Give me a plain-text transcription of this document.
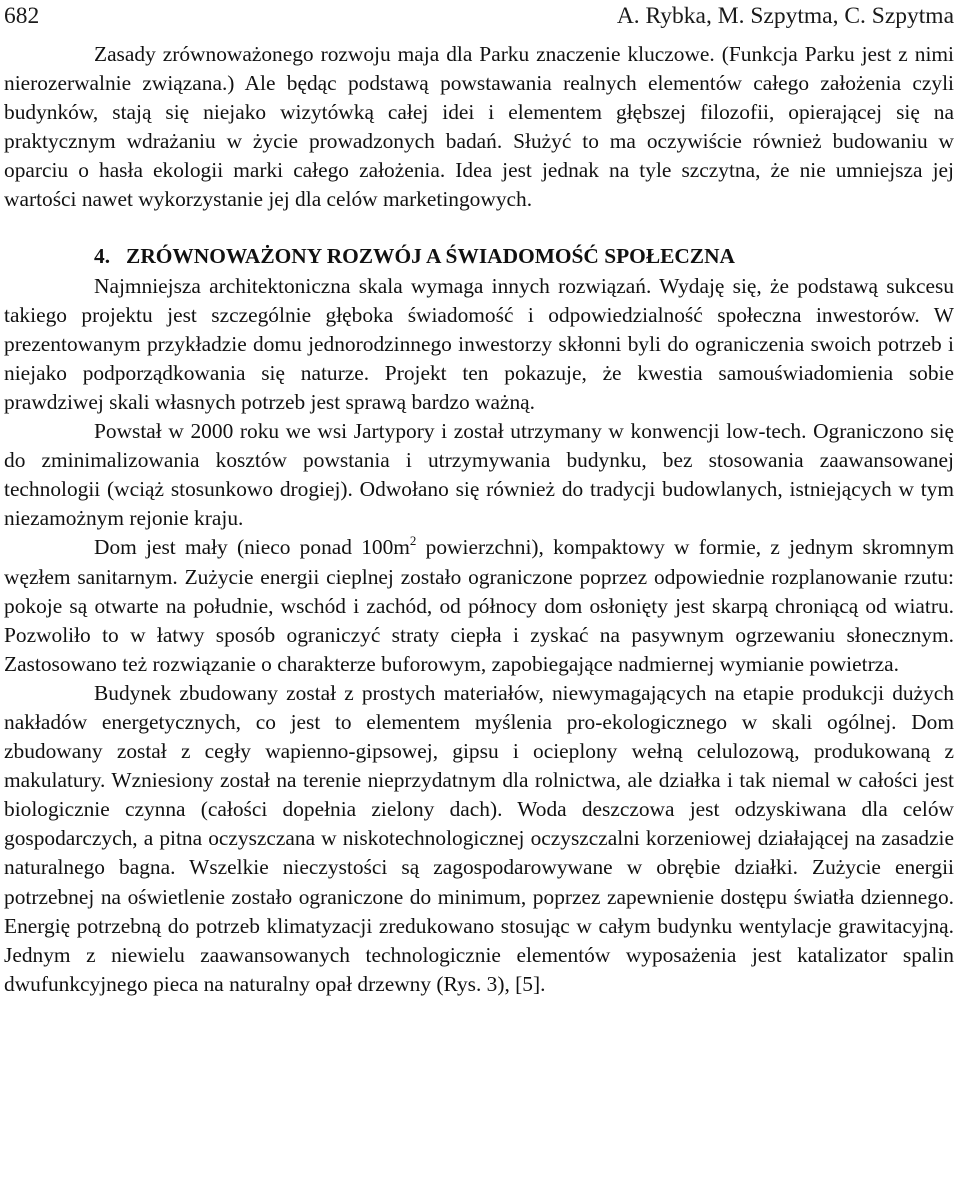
682	A. Rybka, M. Szpytma, C. Szpytma

Zasady zrównoważonego rozwoju maja dla Parku znaczenie kluczowe. (Funkcja Parku jest z nimi nierozerwalnie związana.) Ale będąc podstawą powstawania realnych elementów całego założenia czyli budynków, stają się niejako wizytówką całej idei i elementem głębszej filozofii, opierającej się na praktycznym wdrażaniu w życie prowadzonych badań. Służyć to ma oczywiście również budowaniu w oparciu o hasła ekologii marki całego założenia. Idea jest jednak na tyle szczytna, że nie umniejsza jej wartości nawet wykorzystanie jej dla celów marketingowych.

4. ZRÓWNOWAŻONY ROZWÓJ A ŚWIADOMOŚĆ SPOŁECZNA

Najmniejsza architektoniczna skala wymaga innych rozwiązań. Wydaję się, że podstawą sukcesu takiego projektu jest szczególnie głęboka świadomość i odpowiedzialność społeczna inwestorów. W prezentowanym przykładzie domu jednorodzinnego inwestorzy skłonni byli do ograniczenia swoich potrzeb i niejako podporządkowania się naturze. Projekt ten pokazuje, że kwestia samouświadomienia sobie prawdziwej skali własnych potrzeb jest sprawą bardzo ważną.

Powstał w 2000 roku we wsi Jartypory i został utrzymany w konwencji low-tech. Ograniczono się do zminimalizowania kosztów powstania i utrzymywania budynku, bez stosowania zaawansowanej technologii (wciąż stosunkowo drogiej). Odwołano się również do tradycji budowlanych, istniejących w tym niezamożnym rejonie kraju.

Dom jest mały (nieco ponad $100m^2$ powierzchni), kompaktowy w formie, z jednym skromnym węzłem sanitarnym. Zużycie energii cieplnej zostało ograniczone poprzez odpowiednie rozplanowanie rzutu: pokoje są otwarte na południe, wschód i zachód, od północy dom osłonięty jest skarpą chroniącą od wiatru. Pozwoliło to w łatwy sposób ograniczyć straty ciepła i zyskać na pasywnym ogrzewaniu słonecznym. Zastosowano też rozwiązanie o charakterze buforowym, zapobiegające nadmiernej wymianie powietrza.

Budynek zbudowany został z prostych materiałów, niewymagających na etapie produkcji dużych nakładów energetycznych, co jest to elementem myślenia pro-ekologicznego w skali ogólnej. Dom zbudowany został z cegły wapienno-gipsowej, gipsu i ocieplony wełną celulozową, produkowaną z makulatury. Wzniesiony został na terenie nieprzydatnym dla rolnictwa, ale działka i tak niemal w całości jest biologicznie czynna (całości dopełnia zielony dach). Woda deszczowa jest odzyskiwana dla celów gospodarczych, a pitna oczyszczana w niskotechnologicznej oczyszczalni korzeniowej działającej na zasadzie naturalnego bagna. Wszelkie nieczystości są zagospodarowywane w obrębie działki. Zużycie energii potrzebnej na oświetlenie zostało ograniczone do minimum, poprzez zapewnienie dostępu światła dziennego. Energię potrzebną do potrzeb klimatyzacji zredukowano stosując w całym budynku wentylacje grawitacyjną. Jednym z niewielu zaawansowanych technologicznie elementów wyposażenia jest katalizator spalin dwufunkcyjnego pieca na naturalny opał drzewny (Rys. 3), [5].
